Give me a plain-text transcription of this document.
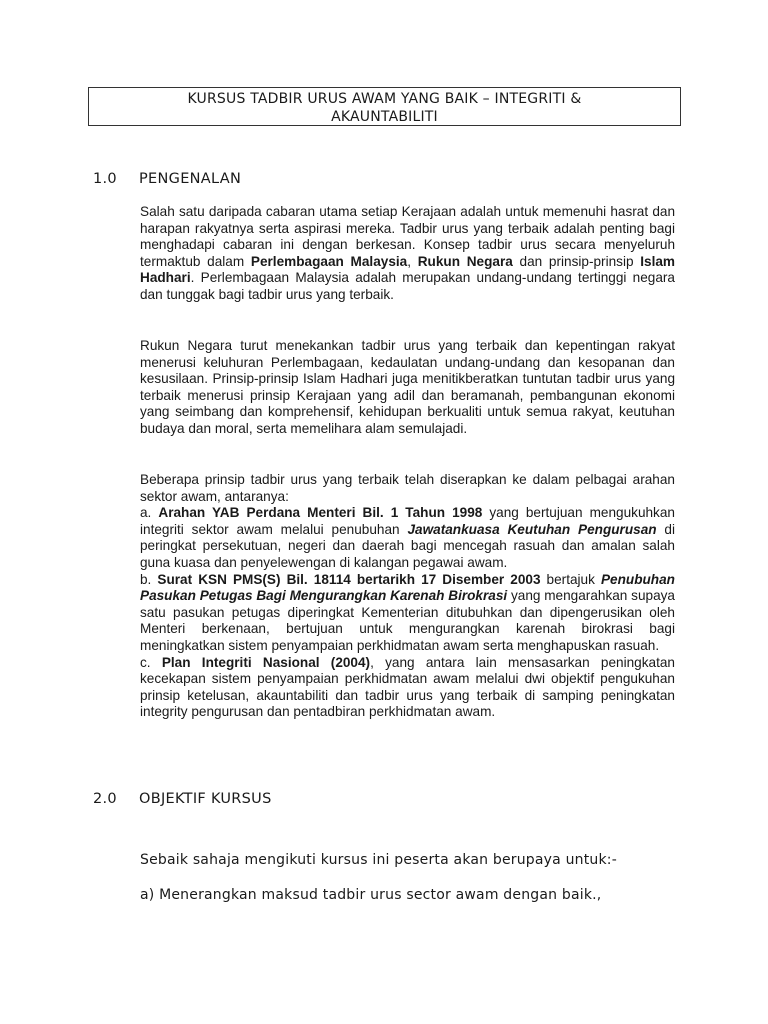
KURSUS TADBIR URUS AWAM YANG BAIK – INTEGRITI &
AKAUNTABILITI
1.0 PENGENALAN

Salah satu daripada cabaran utama setiap Kerajaan adalah untuk memenuhi hasrat dan harapan rakyatnya serta aspirasi mereka. Tadbir urus yang terbaik adalah penting bagi menghadapi cabaran ini dengan berkesan. Konsep tadbir urus secara menyeluruh termaktub dalam Perlembagaan Malaysia, Rukun Negara dan prinsip-prinsip Islam Hadhari. Perlembagaan Malaysia adalah merupakan undang-undang tertinggi negara dan tunggak bagi tadbir urus yang terbaik.

Rukun Negara turut menekankan tadbir urus yang terbaik dan kepentingan rakyat menerusi keluhuran Perlembagaan, kedaulatan undang-undang dan kesopanan dan kesusilaan. Prinsip-prinsip Islam Hadhari juga menitikberatkan tuntutan tadbir urus yang terbaik menerusi prinsip Kerajaan yang adil dan beramanah, pembangunan ekonomi yang seimbang dan komprehensif, kehidupan berkualiti untuk semua rakyat, keutuhan budaya dan moral, serta memelihara alam semulajadi.

Beberapa prinsip tadbir urus yang terbaik telah diserapkan ke dalam pelbagai arahan sektor awam, antaranya:

a. Arahan YAB Perdana Menteri Bil. 1 Tahun 1998 yang bertujuan mengukuhkan integriti sektor awam melalui penubuhan Jawatankuasa Keutuhan Pengurusan di peringkat persekutuan, negeri dan daerah bagi mencegah rasuah dan amalan salah guna kuasa dan penyelewengan di kalangan pegawai awam.

b. Surat KSN PMS(S) Bil. 18114 bertarikh 17 Disember 2003 bertajuk Penubuhan Pasukan Petugas Bagi Mengurangkan Karenah Birokrasi yang mengarahkan supaya satu pasukan petugas diperingkat Kementerian ditubuhkan dan dipengerusikan oleh Menteri berkenaan, bertujuan untuk mengurangkan karenah birokrasi bagi meningkatkan sistem penyampaian perkhidmatan awam serta menghapuskan rasuah.

c. Plan Integriti Nasional (2004), yang antara lain mensasarkan peningkatan kecekapan sistem penyampaian perkhidmatan awam melalui dwi objektif pengukuhan prinsip ketelusan, akauntabiliti dan tadbir urus yang terbaik di samping peningkatan integrity pengurusan dan pentadbiran perkhidmatan awam.

2.0 OBJEKTIF KURSUS
Sebaik sahaja mengikuti kursus ini peserta akan berupaya untuk:-
a) Menerangkan maksud tadbir urus sector awam dengan baik.,
